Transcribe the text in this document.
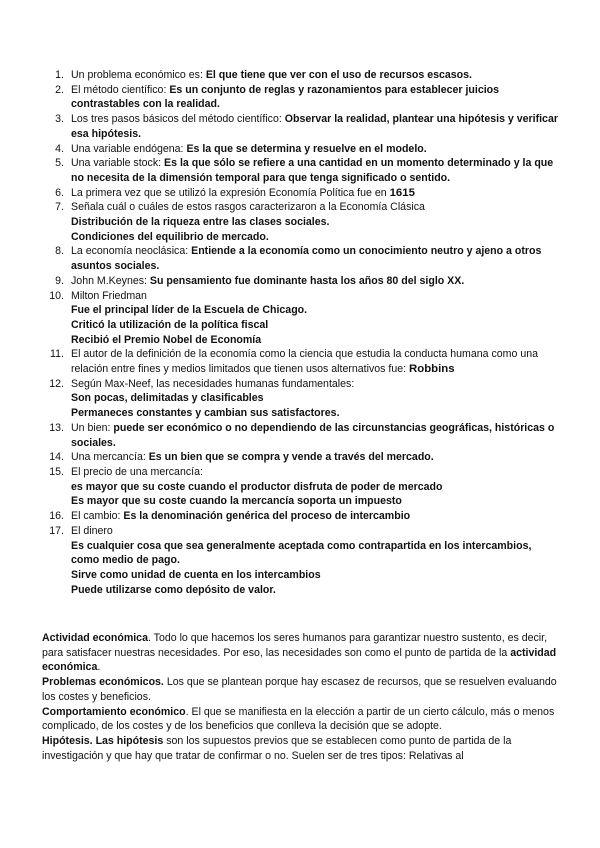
1. Un problema económico es: El que tiene que ver con el uso de recursos escasos.
2. El método científico: Es un conjunto de reglas y razonamientos para establecer juicios contrastables con la realidad.
3. Los tres pasos básicos del método científico: Observar la realidad, plantear una hipótesis y verificar esa hipótesis.
4. Una variable endógena: Es la que se determina y resuelve en el modelo.
5. Una variable stock: Es la que sólo se refiere a una cantidad en un momento determinado y la que no necesita de la dimensión temporal para que tenga significado o sentido.
6. La primera vez que se utilizó la expresión Economía Política fue en 1615
7. Señala cuál o cuáles de estos rasgos caracterizaron a la Economía Clásica
Distribución de la riqueza entre las clases sociales.
Condiciones del equilibrio de mercado.
8. La economía neoclásica: Entiende a la economía como un conocimiento neutro y ajeno a otros asuntos sociales.
9. John M.Keynes: Su pensamiento fue dominante hasta los años 80 del siglo XX.
10. Milton Friedman
Fue el principal líder de la Escuela de Chicago.
Criticó la utilización de la política fiscal
Recibió el Premio Nobel de Economía
11. El autor de la definición de la economía como la ciencia que estudia la conducta humana como una relación entre fines y medios limitados que tienen usos alternativos fue: Robbins
12. Según Max-Neef, las necesidades humanas fundamentales:
Son pocas, delimitadas y clasificables
Permaneces constantes y cambian sus satisfactores.
13. Un bien: puede ser económico o no dependiendo de las circunstancias geográficas, históricas o sociales.
14. Una mercancía: Es un bien que se compra y vende a través del mercado.
15. El precio de una mercancía:
es mayor que su coste cuando el productor disfruta de poder de mercado
Es mayor que su coste cuando la mercancía soporta un impuesto
16. El cambio: Es la denominación genérica del proceso de intercambio
17. El dinero
Es cualquier cosa que sea generalmente aceptada como contrapartida en los intercambios, como medio de pago.
Sirve como unidad de cuenta en los intercambios
Puede utilizarse como depósito de valor.

Actividad económica. Todo lo que hacemos los seres humanos para garantizar nuestro sustento, es decir, para satisfacer nuestras necesidades. Por eso, las necesidades son como el punto de partida de la actividad económica.

Problemas económicos. Los que se plantean porque hay escasez de recursos, que se resuelven evaluando los costes y beneficios.

Comportamiento económico. El que se manifiesta en la elección a partir de un cierto cálculo, más o menos complicado, de los costes y de los beneficios que conlleva la decisión que se adopte.

Hipótesis. Las hipótesis son los supuestos previos que se establecen como punto de partida de la investigación y que hay que tratar de confirmar o no. Suelen ser de tres tipos: Relativas al
